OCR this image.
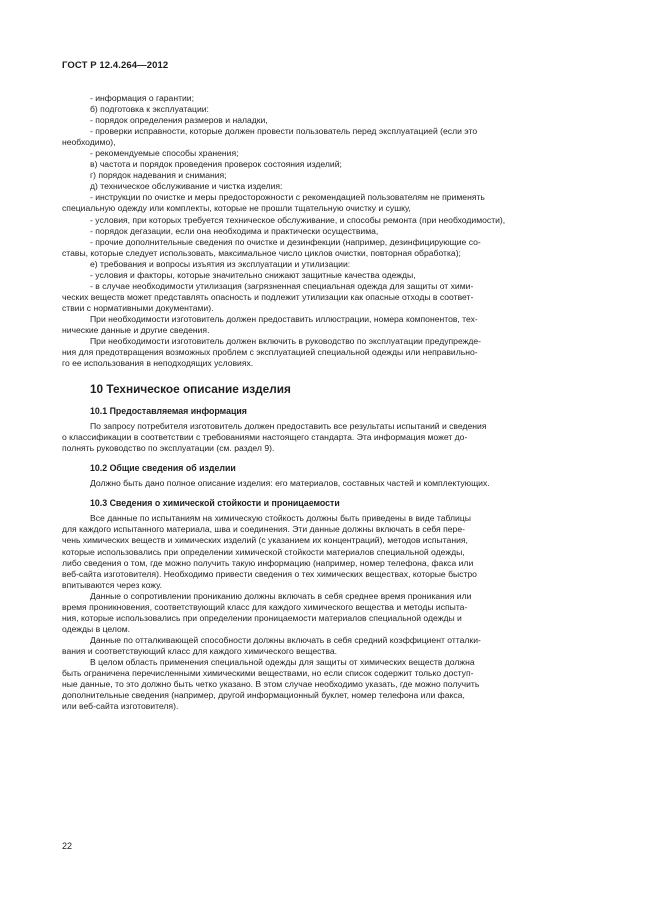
ГОСТ Р 12.4.264—2012

- информация о гарантии;

б) подготовка к эксплуатации:

- порядок определения размеров и наладки,

- проверки исправности, которые должен провести пользователь перед эксплуатацией (если это

необходимо),

- рекомендуемые способы хранения;

в) частота и порядок проведения проверок состояния изделий;

г) порядок надевания и снимания;

д) техническое обслуживание и чистка изделия:

- инструкции по очистке и меры предосторожности с рекомендацией пользователям не применять

специальную одежду или комплекты, которые не прошли тщательную очистку и сушку,

- условия, при которых требуется техническое обслуживание, и способы ремонта (при необходимости),

- порядок дегазации, если она необходима и практически осуществима,

- прочие дополнительные сведения по очистке и дезинфекции (например, дезинфицирующие со-

ставы, которые следует использовать, максимальное число циклов очистки, повторная обработка);

е) требования и вопросы изъятия из эксплуатации и утилизации:

- условия и факторы, которые значительно снижают защитные качества одежды,

- в случае необходимости утилизация (загрязненная специальная одежда для защиты от хими-

ческих веществ может представлять опасность и подлежит утилизации как опасные отходы в соответ-

ствии с нормативными документами).

При необходимости изготовитель должен предоставить иллюстрации, номера компонентов, тех-

нические данные и другие сведения.

При необходимости изготовитель должен включить в руководство по эксплуатации предупрежде-

ния для предотвращения возможных проблем с эксплуатацией специальной одежды или неправильно-

го ее использования в неподходящих условиях.

10 Техническое описание изделия
10.1 Предоставляемая информация

По запросу потребителя изготовитель должен предоставить все результаты испытаний и сведения

о классификации в соответствии с требованиями настоящего стандарта. Эта информация может до-

полнять руководство по эксплуатации (см. раздел 9).

10.2 Общие сведения об изделии

Должно быть дано полное описание изделия: его материалов, составных частей и комплектующих.

10.3 Сведения о химической стойкости и проницаемости

Все данные по испытаниям на химическую стойкость должны быть приведены в виде таблицы

для каждого испытанного материала, шва и соединения. Эти данные должны включать в себя пере-

чень химических веществ и химических изделий (с указанием их концентраций), методов испытания,

которые использовались при определении химической стойкости материалов специальной одежды,

либо сведения о том, где можно получить такую информацию (например, номер телефона, факса или

веб-сайта изготовителя). Необходимо привести сведения о тех химических веществах, которые быстро

впитываются через кожу.

Данные о сопротивлении прониканию должны включать в себя среднее время проникания или

время проникновения, соответствующий класс для каждого химического вещества и методы испыта-

ния, которые использовались при определении проницаемости материалов специальной одежды и

одежды в целом.

Данные по отталкивающей способности должны включать в себя средний коэффициент отталки-

вания и соответствующий класс для каждого химического вещества.

В целом область применения специальной одежды для защиты от химических веществ должна

быть ограничена перечисленными химическими веществами, но если список содержит только доступ-

ные данные, то это должно быть четко указано. В этом случае необходимо указать, где можно получить

дополнительные сведения (например, другой информационный буклет, номер телефона или факса,

или веб-сайта изготовителя).

22
